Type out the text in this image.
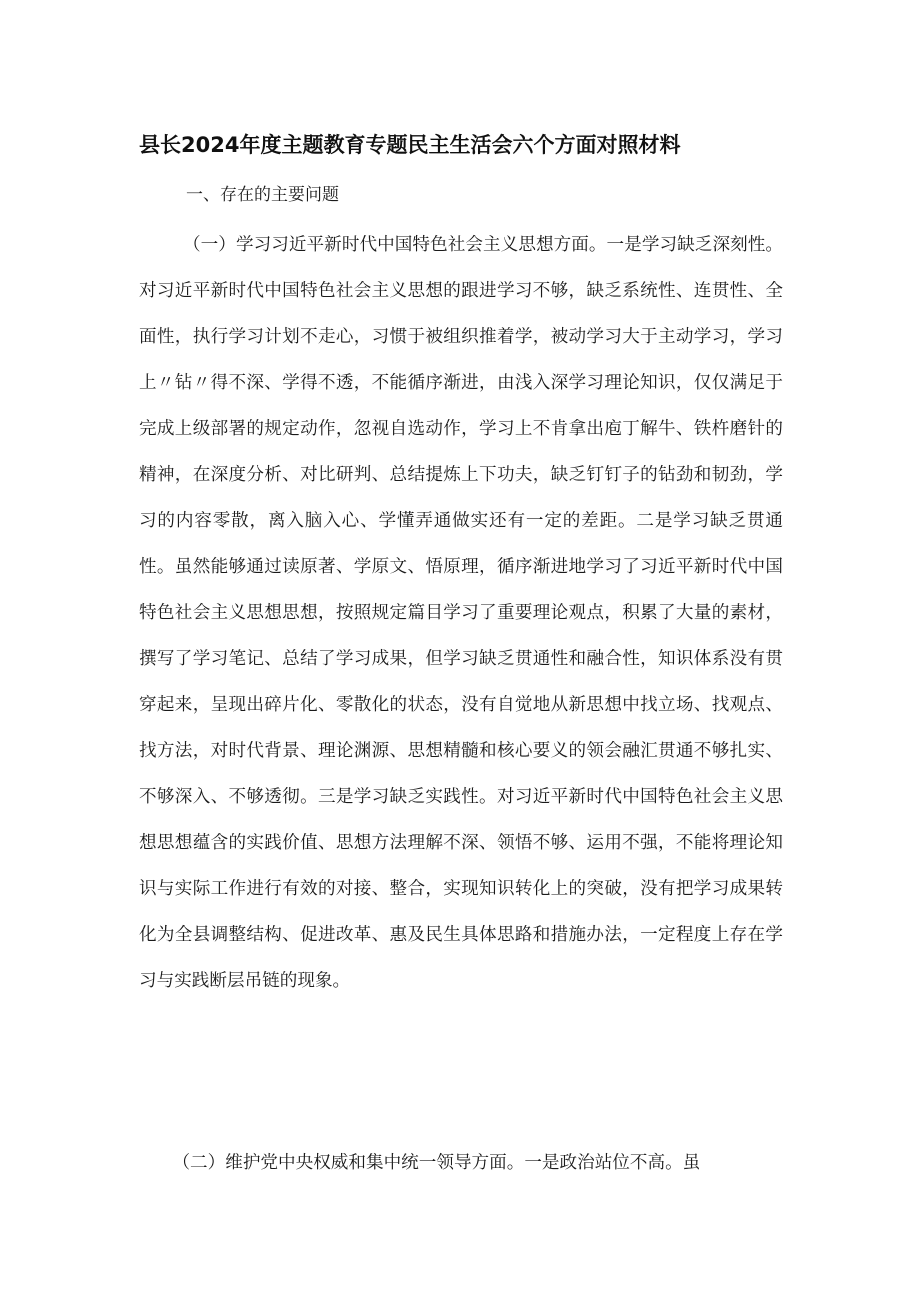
县长2024年度主题教育专题民主生活会六个方面对照材料

一、存在的主要问题

（一）学习习近平新时代中国特色社会主义思想方面。一是学习缺乏深刻性。对习近平新时代中国特色社会主义思想的跟进学习不够，缺乏系统性、连贯性、全面性，执行学习计划不走心，习惯于被组织推着学，被动学习大于主动学习，学习上〃钻〃得不深、学得不透，不能循序渐进，由浅入深学习理论知识，仅仅满足于完成上级部署的规定动作，忽视自选动作，学习上不肯拿出庖丁解牛、铁杵磨针的精神，在深度分析、对比研判、总结提炼上下功夫，缺乏钉钉子的钻劲和韧劲，学习的内容零散，离入脑入心、学懂弄通做实还有一定的差距。二是学习缺乏贯通性。虽然能够通过读原著、学原文、悟原理，循序渐进地学习了习近平新时代中国特色社会主义思想思想，按照规定篇目学习了重要理论观点，积累了大量的素材，撰写了学习笔记、总结了学习成果，但学习缺乏贯通性和融合性，知识体系没有贯穿起来，呈现出碎片化、零散化的状态，没有自觉地从新思想中找立场、找观点、找方法，对时代背景、理论渊源、思想精髓和核心要义的领会融汇贯通不够扎实、不够深入、不够透彻。三是学习缺乏实践性。对习近平新时代中国特色社会主义思想思想蕴含的实践价值、思想方法理解不深、领悟不够、运用不强，不能将理论知识与实际工作进行有效的对接、整合，实现知识转化上的突破，没有把学习成果转化为全县调整结构、促进改革、惠及民生具体思路和措施办法，一定程度上存在学习与实践断层吊链的现象。

（二）维护党中央权威和集中统一领导方面。一是政治站位不高。虽
